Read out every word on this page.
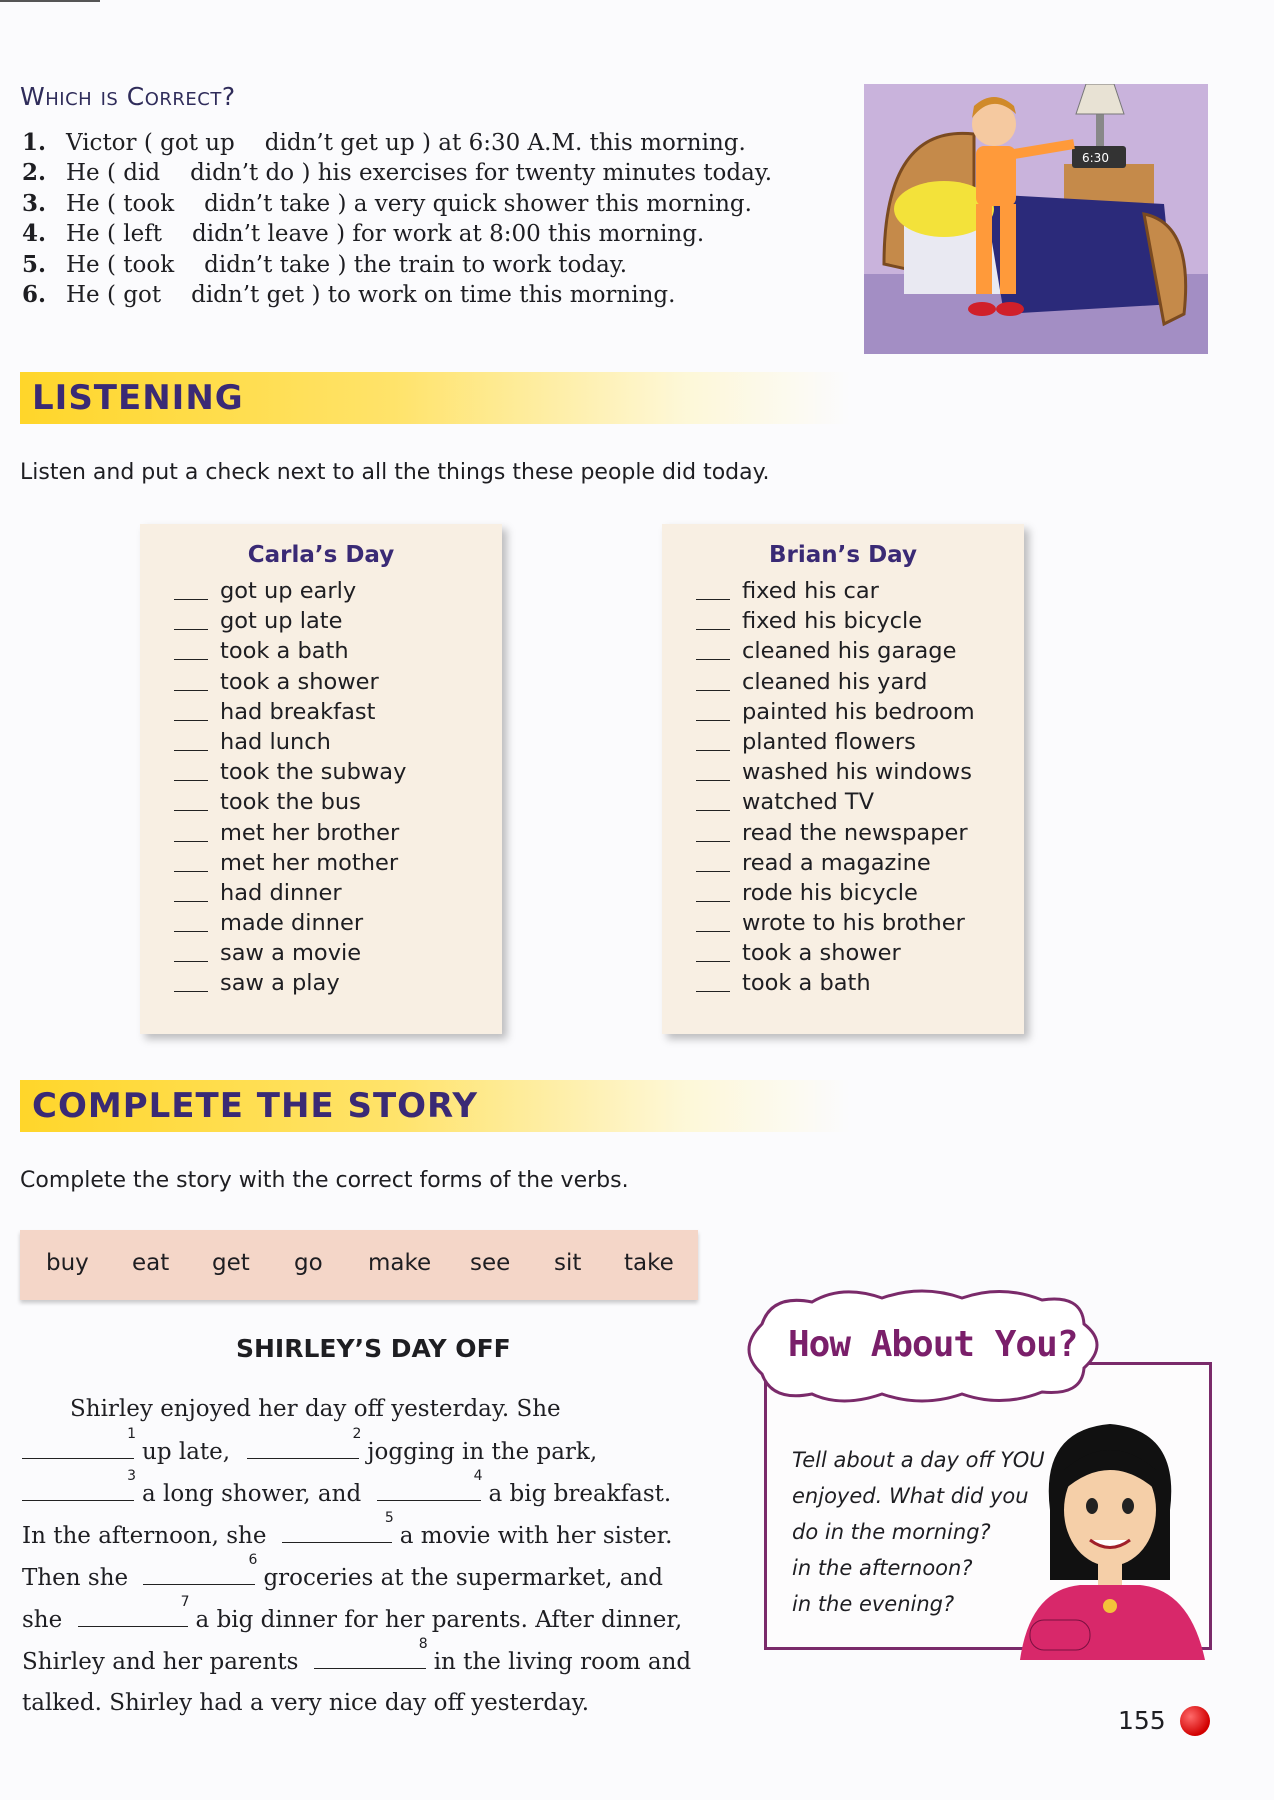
Which is Correct?
1. Victor ( got up didn’t get up ) at 6:30 A.M. this morning.
2. He ( did didn’t do ) his exercises for twenty minutes today.
3. He ( took didn’t take ) a very quick shower this morning.
4. He ( left didn’t leave ) for work at 8:00 this morning.
5. He ( took didn’t take ) the train to work today.
6. He ( got didn’t get ) to work on time this morning.
6:30
LISTENING
Listen and put a check next to all the things these people did today.
Carla’s Day
got up early
got up late
took a bath
took a shower
had breakfast
had lunch
took the subway
took the bus
met her brother
met her mother
had dinner
made dinner
saw a movie
saw a play
Brian’s Day
fixed his car
fixed his bicycle
cleaned his garage
cleaned his yard
painted his bedroom
planted flowers
washed his windows
watched TV
read the newspaper
read a magazine
rode his bicycle
wrote to his brother
took a shower
took a bath
COMPLETE THE STORY
Complete the story with the correct forms of the verbs.
buy eat get go make see sit take
SHIRLEY’S DAY OFF
Shirley enjoyed her day off yesterday. She
1
up late,
2
jogging in the park,
3
a long shower, and
4
a big breakfast.
In the afternoon, she
5
a movie with her sister.
Then she
6
groceries at the supermarket, and
she
7
a big dinner for her parents. After dinner,
Shirley and her parents
8
in the living room and
talked. Shirley had a very nice day off yesterday.
How About You?
Tell about a day off YOU
enjoyed. What did you
do in the morning?
in the afternoon?
in the evening?
155
